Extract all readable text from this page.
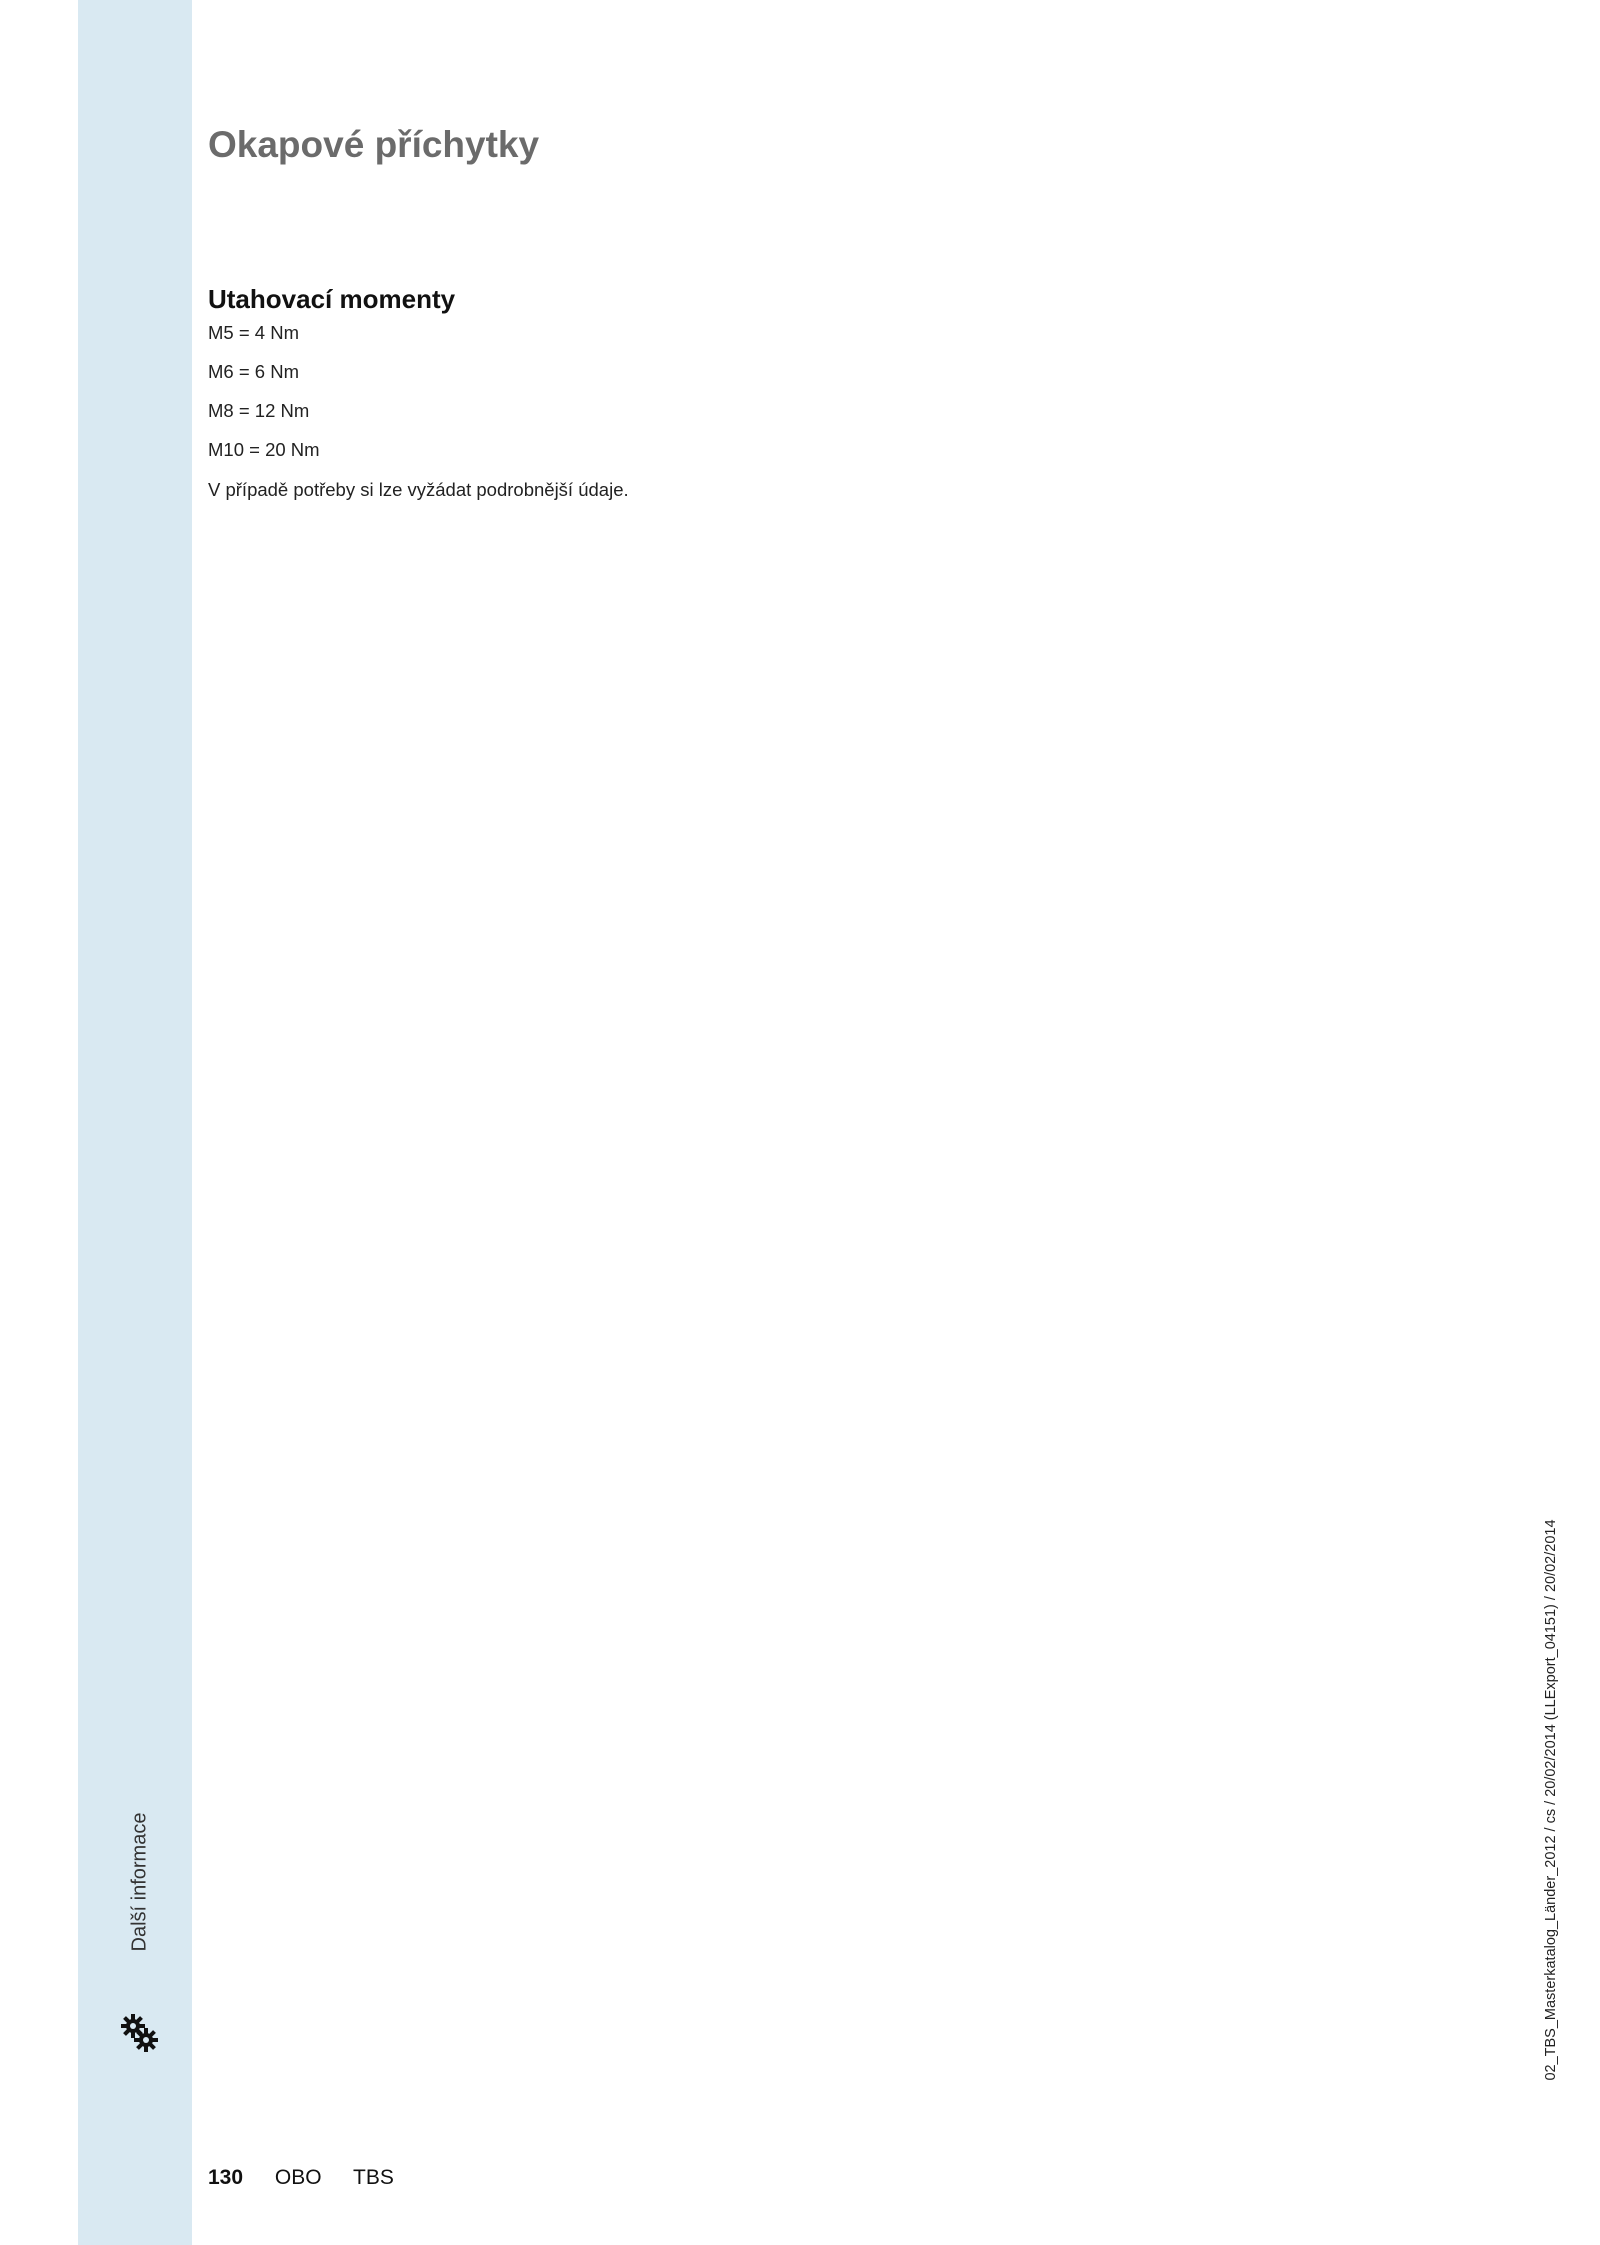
Další informace
Okapové příchytky
Utahovací momenty
M5 = 4 Nm
M6 = 6 Nm
M8 = 12 Nm
M10 = 20 Nm
V případě potřeby si lze vyžádat podrobnější údaje.
130 OBO TBS
02_TBS_Masterkatalog_Länder_2012 / cs / 20/02/2014 (LLExport_04151) / 20/02/2014
